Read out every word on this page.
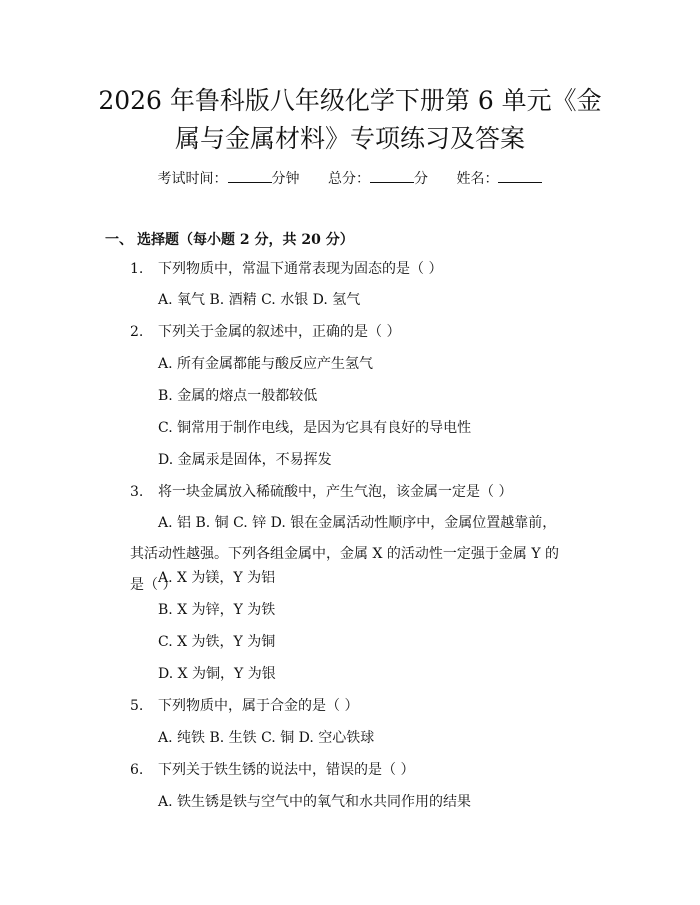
2026 年鲁科版八年级化学下册第 6 单元《金
属与金属材料》专项练习及答案
考试时间：	分钟 总分：	分 姓名：
一、 选择题（每小题 2 分，共 20 分）
1. 下列物质中，常温下通常表现为固态的是（ ）
A. 氧气 B. 酒精 C. 水银 D. 氢气
2. 下列关于金属的叙述中，正确的是（ ）
A. 所有金属都能与酸反应产生氢气
B. 金属的熔点一般都较低
C. 铜常用于制作电线，是因为它具有良好的导电性
D. 金属汞是固体，不易挥发
3. 将一块金属放入稀硫酸中，产生气泡，该金属一定是（ ）

A. 铝 B. 铜 C. 锌 D. 银在金属活动性顺序中，金属位置越靠前，其活动性越强。下列各组金属中，金属 X 的活动性一定强于金属 Y 的是（ ）

A. X 为镁，Y 为铝
B. X 为锌，Y 为铁
C. X 为铁，Y 为铜
D. X 为铜，Y 为银
5. 下列物质中，属于合金的是（ ）
A. 纯铁 B. 生铁 C. 铜 D. 空心铁球
6. 下列关于铁生锈的说法中，错误的是（ ）
A. 铁生锈是铁与空气中的氧气和水共同作用的结果
